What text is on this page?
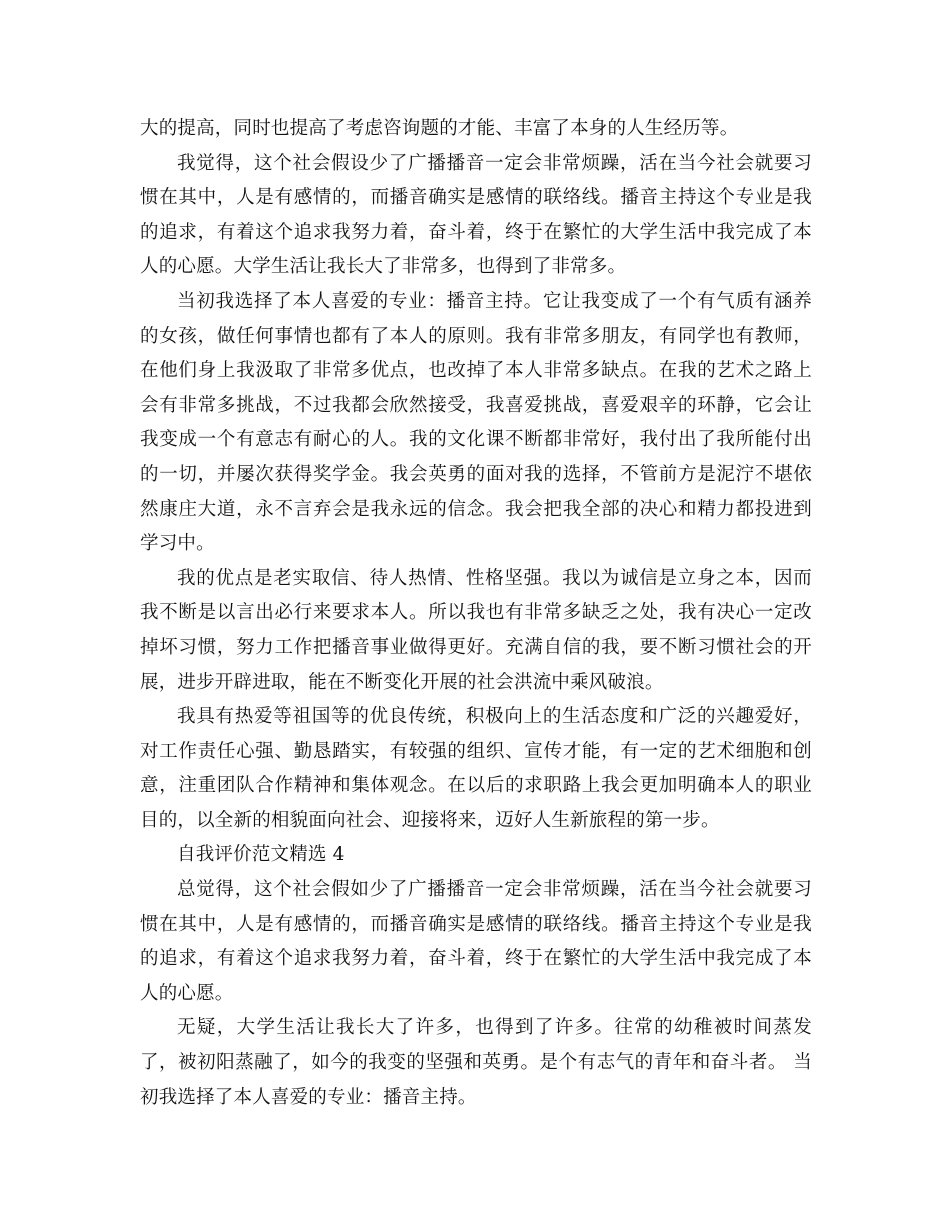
大的提高，同时也提高了考虑咨询题的才能、丰富了本身的人生经历等。

我觉得，这个社会假设少了广播播音一定会非常烦躁，活在当今社会就要习惯在其中，人是有感情的，而播音确实是感情的联络线。播音主持这个专业是我的追求，有着这个追求我努力着，奋斗着，终于在繁忙的大学生活中我完成了本人的心愿。大学生活让我长大了非常多，也得到了非常多。

当初我选择了本人喜爱的专业：播音主持。它让我变成了一个有气质有涵养的女孩，做任何事情也都有了本人的原则。我有非常多朋友，有同学也有教师，在他们身上我汲取了非常多优点，也改掉了本人非常多缺点。在我的艺术之路上会有非常多挑战，不过我都会欣然接受，我喜爱挑战，喜爱艰辛的环静，它会让我变成一个有意志有耐心的人。我的文化课不断都非常好，我付出了我所能付出的一切，并屡次获得奖学金。我会英勇的面对我的选择，不管前方是泥泞不堪依然康庄大道，永不言弃会是我永远的信念。我会把我全部的决心和精力都投进到学习中。

我的优点是老实取信、待人热情、性格坚强。我以为诚信是立身之本，因而我不断是以言出必行来要求本人。所以我也有非常多缺乏之处，我有决心一定改掉坏习惯，努力工作把播音事业做得更好。充满自信的我，要不断习惯社会的开展，进步开辟进取，能在不断变化开展的社会洪流中乘风破浪。

我具有热爱等祖国等的优良传统，积极向上的生活态度和广泛的兴趣爱好，对工作责任心强、勤恳踏实，有较强的组织、宣传才能，有一定的艺术细胞和创意，注重团队合作精神和集体观念。在以后的求职路上我会更加明确本人的职业目的，以全新的相貌面向社会、迎接将来，迈好人生新旅程的第一步。

自我评价范文精选 4

总觉得，这个社会假如少了广播播音一定会非常烦躁，活在当今社会就要习惯在其中，人是有感情的，而播音确实是感情的联络线。播音主持这个专业是我的追求，有着这个追求我努力着，奋斗着，终于在繁忙的大学生活中我完成了本人的心愿。

无疑，大学生活让我长大了许多，也得到了许多。往常的幼稚被时间蒸发了，被初阳蒸融了，如今的我变的坚强和英勇。是个有志气的青年和奋斗者。 当初我选择了本人喜爱的专业：播音主持。
